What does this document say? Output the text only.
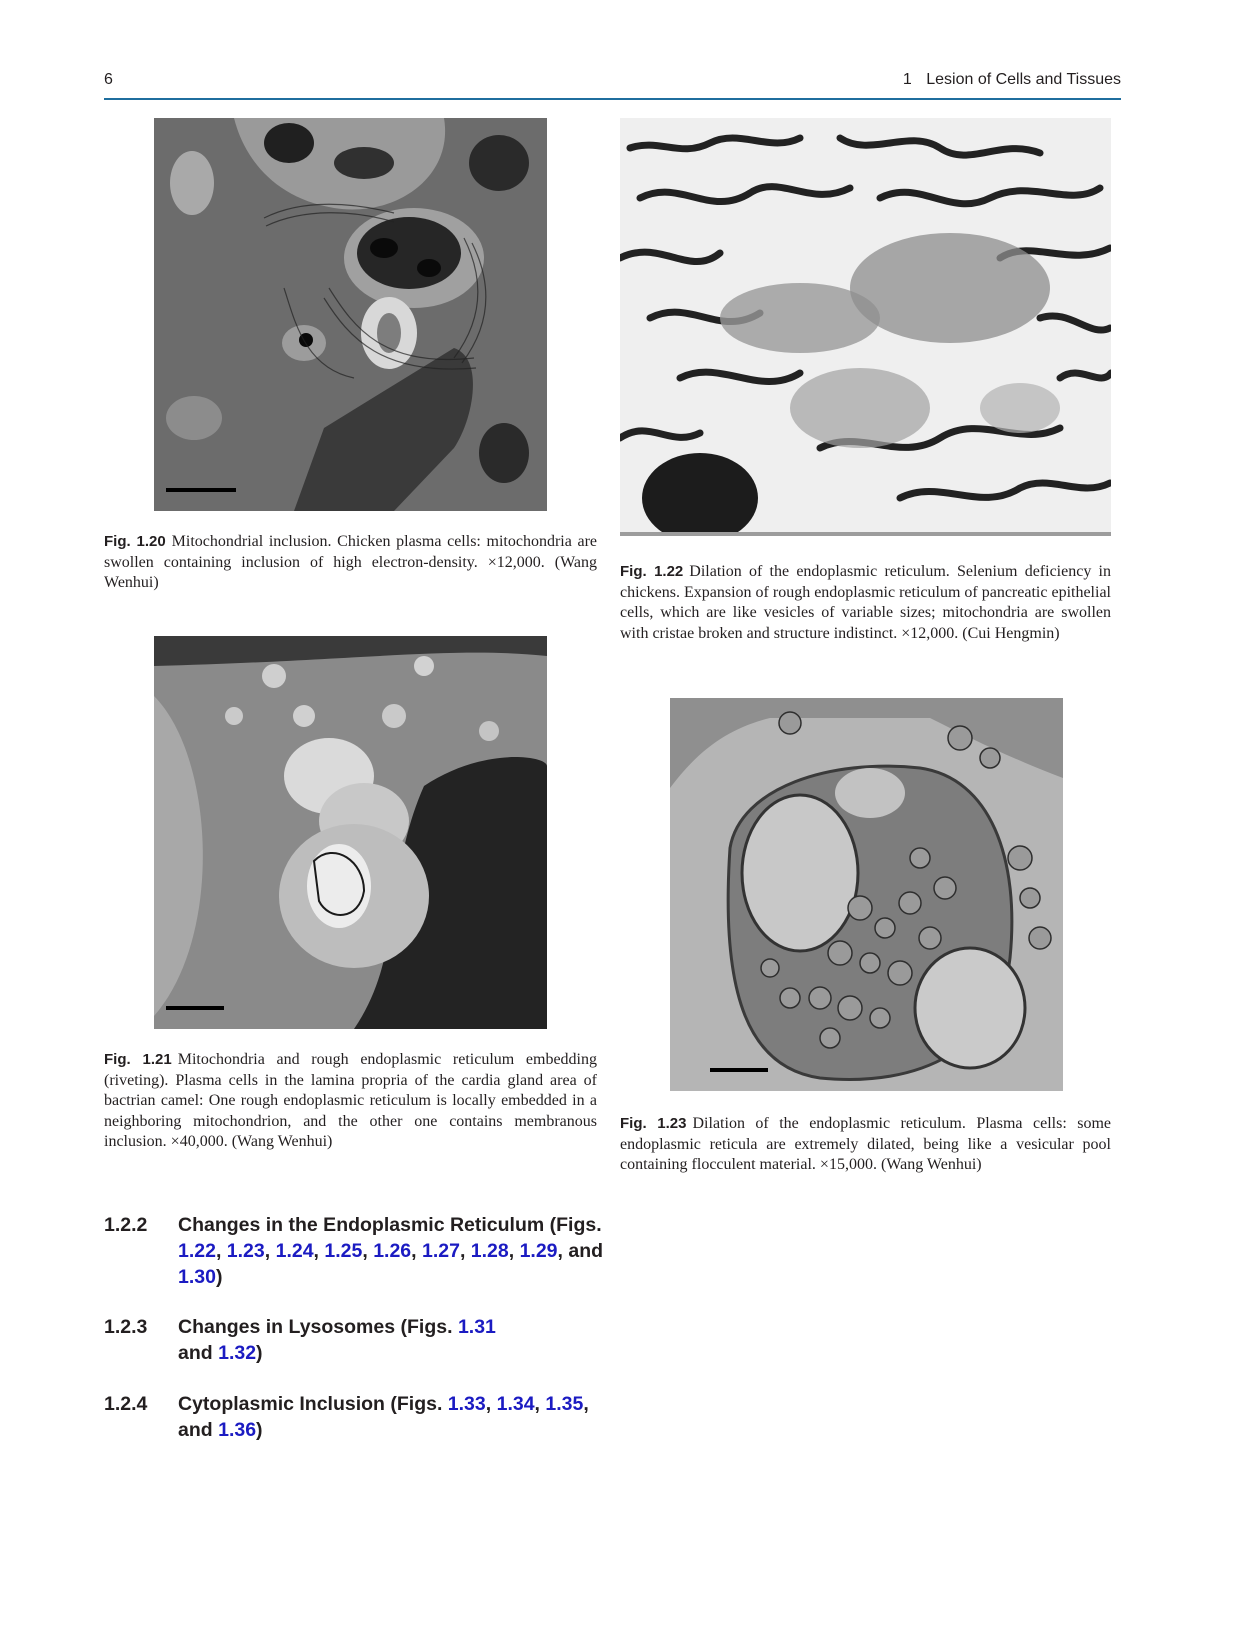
6	1 Lesion of Cells and Tissues
Fig. 1.20 Mitochondrial inclusion. Chicken plasma cells: mitochondria are swollen containing inclusion of high electron-density. ×12,000. (Wang Wenhui)
Fig. 1.21 Mitochondria and rough endoplasmic reticulum embedding (riveting). Plasma cells in the lamina propria of the cardia gland area of bactrian camel: One rough endoplasmic reticulum is locally embedded in a neighboring mitochondrion, and the other one contains membranous inclusion. ×40,000. (Wang Wenhui)
Fig. 1.22 Dilation of the endoplasmic reticulum. Selenium deficiency in chickens. Expansion of rough endoplasmic reticulum of pancreatic epithelial cells, which are like vesicles of variable sizes; mitochondria are swollen with cristae broken and structure indistinct. ×12,000. (Cui Hengmin)
Fig. 1.23 Dilation of the endoplasmic reticulum. Plasma cells: some endoplasmic reticula are extremely dilated, being like a vesicular pool containing flocculent material. ×15,000. (Wang Wenhui)
1.2.2 Changes in the Endoplasmic Reticulum (Figs. 1.22, 1.23, 1.24, 1.25, 1.26, 1.27, 1.28, 1.29, and 1.30)
1.2.3 Changes in Lysosomes (Figs. 1.31 and 1.32)
1.2.4 Cytoplasmic Inclusion (Figs. 1.33, 1.34, 1.35, and 1.36)
